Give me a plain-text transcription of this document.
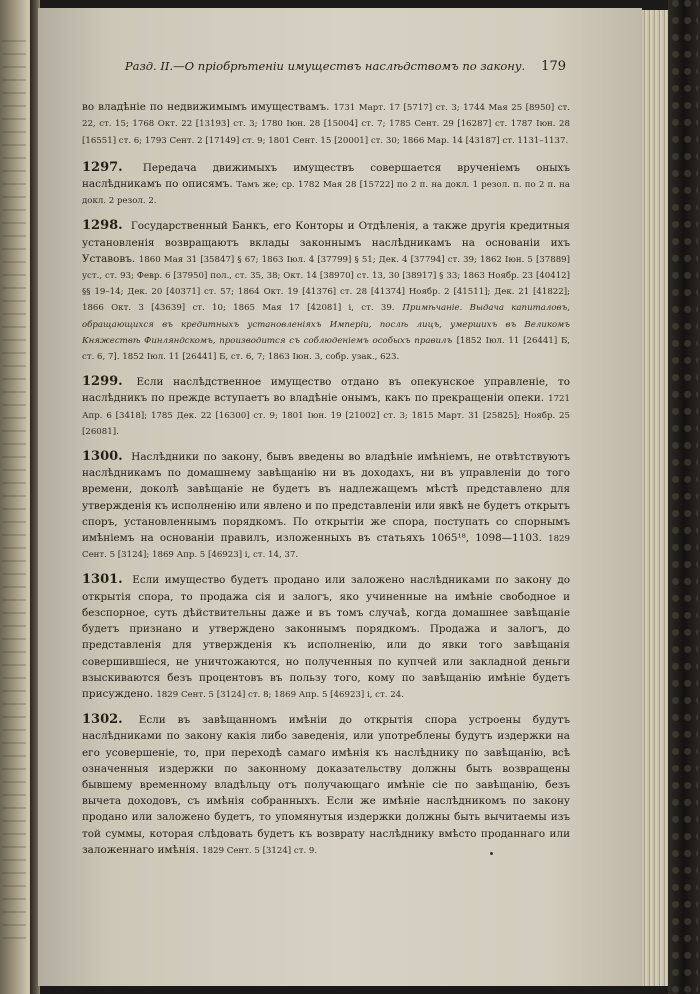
Разд. II.—О пріобрѣтеніи имуществъ наслѣдствомъ по закону. 179

во владѣніе по недвижимымъ имуществамъ. 1731 Март. 17 [5717] ст. 3; 1744 Мая 25 [8950] ст. 22, ст. 15; 1768 Окт. 22 [13193] ст. 3; 1780 Іюн. 28 [15004] ст. 7; 1785 Сент. 29 [16287] ст. 1787 Іюн. 28 [16551] ст. 6; 1793 Сент. 2 [17149] ст. 9; 1801 Сент. 15 [20001] ст. 30; 1866 Мар. 14 [43187] ст. 1131–1137.

1297. Передача движимыхъ имуществъ совершается врученіемъ оныхъ наслѣдникамъ по описямъ. Тамъ же; ср. 1782 Мая 28 [15722] по 2 п. на докл. 1 резол. п. по 2 п. на докл. 2 резол. 2.

1298. Государственный Банкъ, его Конторы и Отдѣленія, а также другія кредитныя установленія возвращаютъ вклады законнымъ наслѣдникамъ на основаніи ихъ Уставовъ. 1860 Мая 31 [35847] § 67; 1863 Іюл. 4 [37799] § 51; Дек. 4 [37794] ст. 39; 1862 Іюн. 5 [37889] уст., ст. 93; Февр. 6 [37950] пол., ст. 35, 38; Окт. 14 [38970] ст. 13, 30 [38917] § 33; 1863 Ноябр. 23 [40412] §§ 19–14; Дек. 20 [40371] ст. 57; 1864 Окт. 19 [41376] ст. 28 [41374] Ноябр. 2 [41511]; Дек. 21 [41822]; 1866 Окт. 3 [43639] ст. 10; 1865 Мая 17 [42081] і, ст. 39. Примѣчаніе. Выдача капиталовъ, обращающихся въ кредитныхъ установленіяхъ Имперіи, послѣ лицъ, умершихъ въ Великомъ Княжествѣ Финляндскомъ, производится съ соблюденіемъ особыхъ правилъ [1852 Іюл. 11 [26441] Б, ст. 6, 7]. 1852 Іюл. 11 [26441] Б, ст. 6, 7; 1863 Іюн. 3, собр. узак., 623.

1299. Если наслѣдственное имущество отдано въ опекунское управленіе, то наслѣдникъ по прежде вступаетъ во владѣніе онымъ, какъ по прекращеніи опеки. 1721 Апр. 6 [3418]; 1785 Дек. 22 [16300] ст. 9; 1801 Іюн. 19 [21002] ст. 3; 1815 Март. 31 [25825]; Ноябр. 25 [26081].

1300. Наслѣдники по закону, бывъ введены во владѣніе имѣніемъ, не отвѣтствуютъ наслѣдникамъ по домашнему завѣщанію ни въ доходахъ, ни въ управленіи до того времени, доколѣ завѣщаніе не будетъ въ надлежащемъ мѣстѣ представлено для утвержденія къ исполненію или явлено и по представленіи или явкѣ не будетъ открытъ споръ, установленнымъ порядкомъ. По открытіи же спора, поступать со спорнымъ имѣніемъ на основаніи правилъ, изложенныхъ въ статьяхъ 1065¹⁸, 1098—1103. 1829 Сент. 5 [3124]; 1869 Апр. 5 [46923] і, ст. 14, 37.

1301. Если имущество будетъ продано или заложено наслѣдниками по закону до открытія спора, то продажа сія и залогъ, яко учиненные на имѣніе свободное и безспорное, суть дѣйствительны даже и въ томъ случаѣ, когда домашнее завѣщаніе будетъ признано и утверждено законнымъ порядкомъ. Продажа и залогъ, до представленія для утвержденія къ исполненію, или до явки того завѣщанія совершившіеся, не уничтожаются, но полученныя по купчей или закладной деньги взыскиваются безъ процентовъ въ пользу того, кому по завѣщанію имѣніе будетъ присуждено. 1829 Сент. 5 [3124] ст. 8; 1869 Апр. 5 [46923] і, ст. 24.

1302. Если въ завѣщанномъ имѣніи до открытія спора устроены будутъ наслѣдниками по закону какія либо заведенія, или употреблены будутъ издержки на его усовершеніе, то, при переходѣ самаго имѣнія къ наслѣднику по завѣщанію, всѣ означенныя издержки по законному доказательству должны быть возвращены бывшему временному владѣльцу отъ получающаго имѣніе сіе по завѣщанію, безъ вычета доходовъ, съ имѣнія собранныхъ. Если же имѣніе наслѣдникомъ по закону продано или заложено будетъ, то упомянутыя издержки должны быть вычитаемы изъ той суммы, которая слѣдовать будетъ къ возврату наслѣднику вмѣсто проданнаго или заложеннаго имѣнія. 1829 Сент. 5 [3124] ст. 9.
